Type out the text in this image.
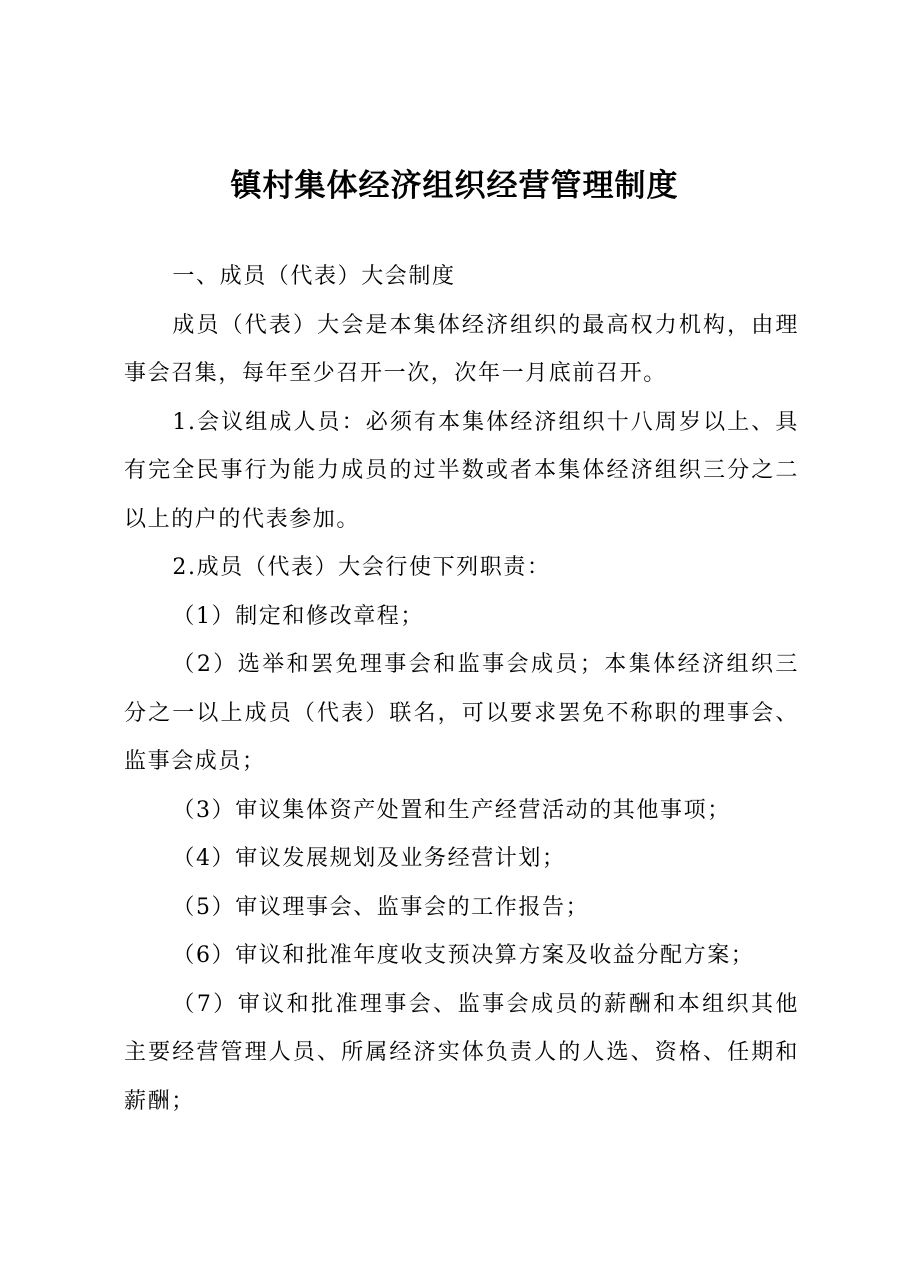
镇村集体经济组织经营管理制度

一、成员（代表）大会制度

成员（代表）大会是本集体经济组织的最高权力机构，由理事会召集，每年至少召开一次，次年一月底前召开。

1.会议组成人员：必须有本集体经济组织十八周岁以上、具有完全民事行为能力成员的过半数或者本集体经济组织三分之二以上的户的代表参加。

2.成员（代表）大会行使下列职责：

（1）制定和修改章程；

（2）选举和罢免理事会和监事会成员；本集体经济组织三分之一以上成员（代表）联名，可以要求罢免不称职的理事会、监事会成员；

（3）审议集体资产处置和生产经营活动的其他事项；

（4）审议发展规划及业务经营计划；

（5）审议理事会、监事会的工作报告；

（6）审议和批准年度收支预决算方案及收益分配方案；

（7）审议和批准理事会、监事会成员的薪酬和本组织其他主要经营管理人员、所属经济实体负责人的人选、资格、任期和薪酬；
